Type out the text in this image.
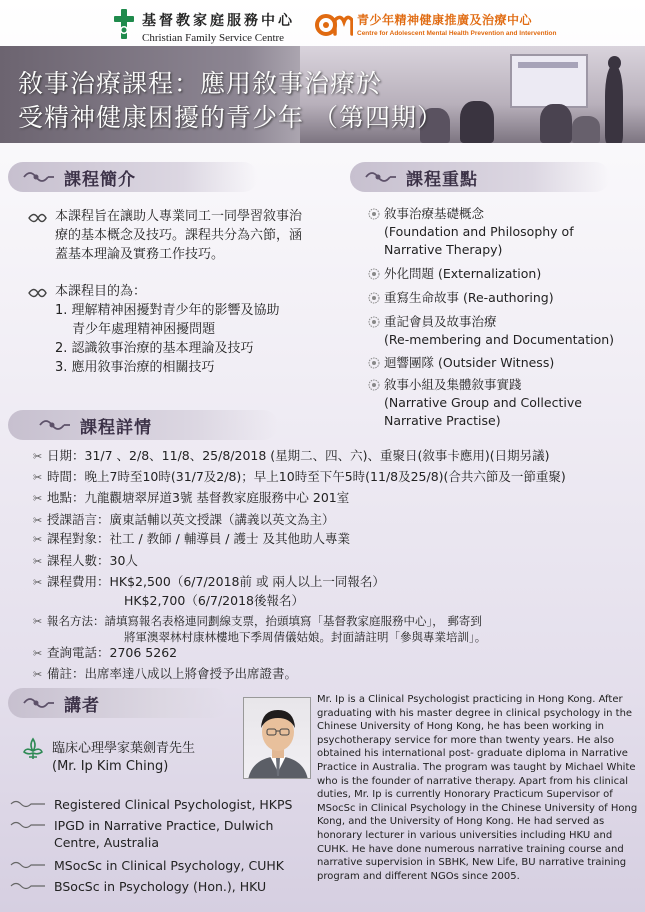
基督教家庭服務中心
Christian Family Service Centre
青少年精神健康推廣及治療中心
Centre for Adolescent Mental Health Prevention and Intervention
敘事治療課程：應用敘事治療於
受精神健康困擾的青少年 （第四期）
課程簡介	課程重點
本課程旨在讓助人專業同工一同學習敘事治
療的基本概念及技巧。課程共分為六節，涵
蓋基本理論及實務工作技巧。
本課程目的為：
1. 理解精神困擾對青少年的影響及協助
　 青少年處理精神困擾問題
2. 認識敘事治療的基本理論及技巧
3. 應用敘事治療的相關技巧
敘事治療基礎概念
(Foundation and Philosophy of
Narrative Therapy)
外化問題 (Externalization)
重寫生命故事 (Re-authoring)
重記會員及故事治療
(Re-membering and Documentation)
迴響團隊 (Outsider Witness)
敘事小組及集體敘事實踐
(Narrative Group and Collective
Narrative Practise)
課程詳情
✂ 日期：31/7 、2/8、11/8、25/8/2018 (星期二、四、六)、重聚日(敘事卡應用)(日期另議)
✂ 時間：晚上7時至10時(31/7及2/8)；早上10時至下午5時(11/8及25/8)(合共六節及一節重聚)
✂ 地點：九龍觀塘翠屏道3號 基督教家庭服務中心 201室
✂ 授課語言：廣東話輔以英文授課（講義以英文為主）
✂ 課程對象：社工 / 教師 / 輔導員 / 護士 及其他助人專業
✂ 課程人數：30人
✂ 課程費用：HK$2,500（6/7/2018前 或 兩人以上一同報名）
HK$2,700（6/7/2018後報名）
✂ 報名方法：請填寫報名表格連同劃線支票，抬頭填寫「基督教家庭服務中心」， 郵寄到
將軍澳翠林村康林樓地下季周倩儀姑娘。封面請註明「參與專業培訓」。
✂ 查詢電話：2706 5262
✂ 備註：出席率達八成以上將會授予出席證書。
講者
臨床心理學家葉劍青先生
(Mr. Ip Kim Ching)
Registered Clinical Psychologist, HKPS
IPGD in Narrative Practice, Dulwich
Centre, Australia
MSocSc in Clinical Psychology, CUHK
BSocSc in Psychology (Hon.), HKU
Mr. Ip is a Clinical Psychologist practicing in Hong Kong. After
graduating with his master degree in clinical psychology in the
Chinese University of Hong Kong, he has been working in
psychotherapy service for more than twenty years. He also
obtained his international post- graduate diploma in Narrative
Practice in Australia. The program was taught by Michael White
who is the founder of narrative therapy. Apart from his clinical
duties, Mr. Ip is currently Honorary Practicum Supervisor of
MSocSc in Clinical Psychology in the Chinese University of Hong
Kong, and the University of Hong Kong. He had served as
honorary lecturer in various universities including HKU and
CUHK. He have done numerous narrative training course and
narrative supervision in SBHK, New Life, BU narrative training
program and different NGOs since 2005.
